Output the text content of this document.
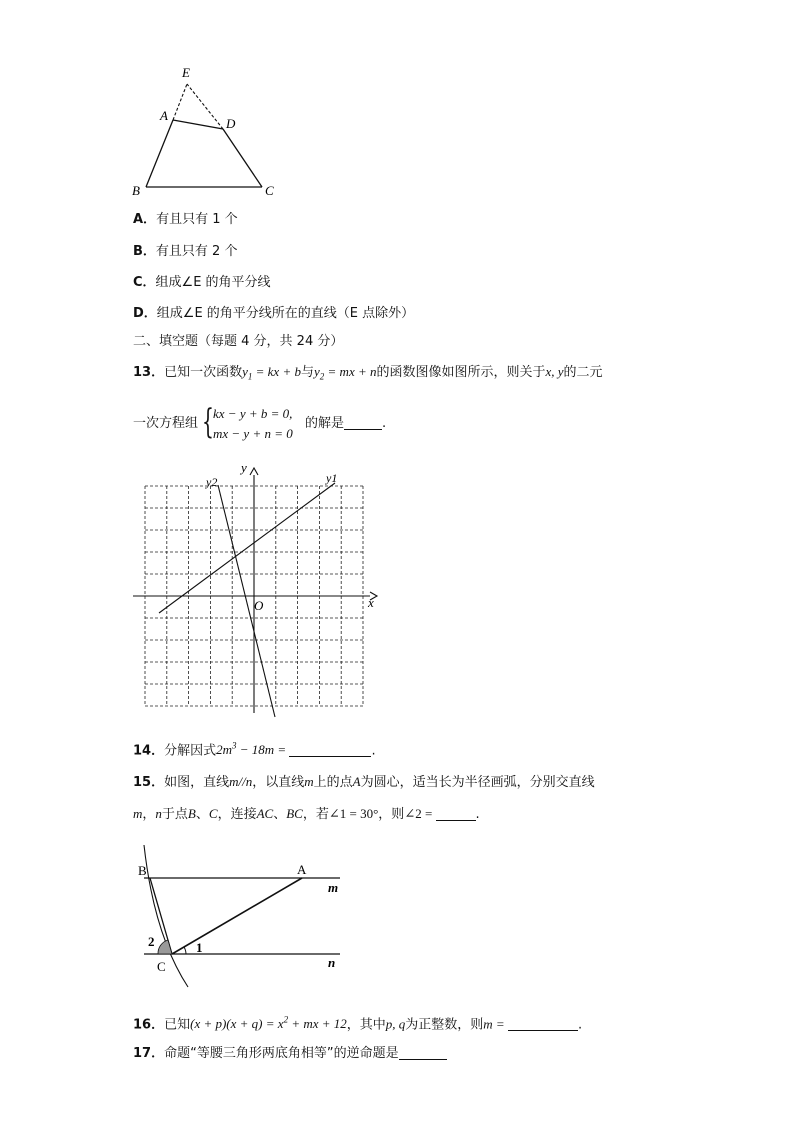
E
A
D
B	C
A．有且只有 1 个
B．有且只有 2 个
C．组成∠E 的角平分线
D．组成∠E 的角平分线所在的直线（E 点除外）
二、填空题（每题 4 分，共 24 分）
13．已知一次函数$y_1$ = kx + b与$y_2$ = mx + n的函数图像如图所示，则关于x, y的二元
一次方程组 { kx − y + b = 0,
mx − y + n = 0
的解是	.
y2	y1
y
x
O
14．分解因式$2m^3 - 18m$ =	.
15．如图，直线m//n，以直线m上的点A为圆心，适当长为半径画弧，分别交直线
m，n于点B、C，连接AC、BC，若∠1 = 30°，则∠2 =	.
B	A
m
2	1
C	n
16．已知$(x + p)(x + q) = x^2$ + mx + 12，其中p, q为正整数，则m =	.
17．命题“等腰三角形两底角相等”的逆命题是
